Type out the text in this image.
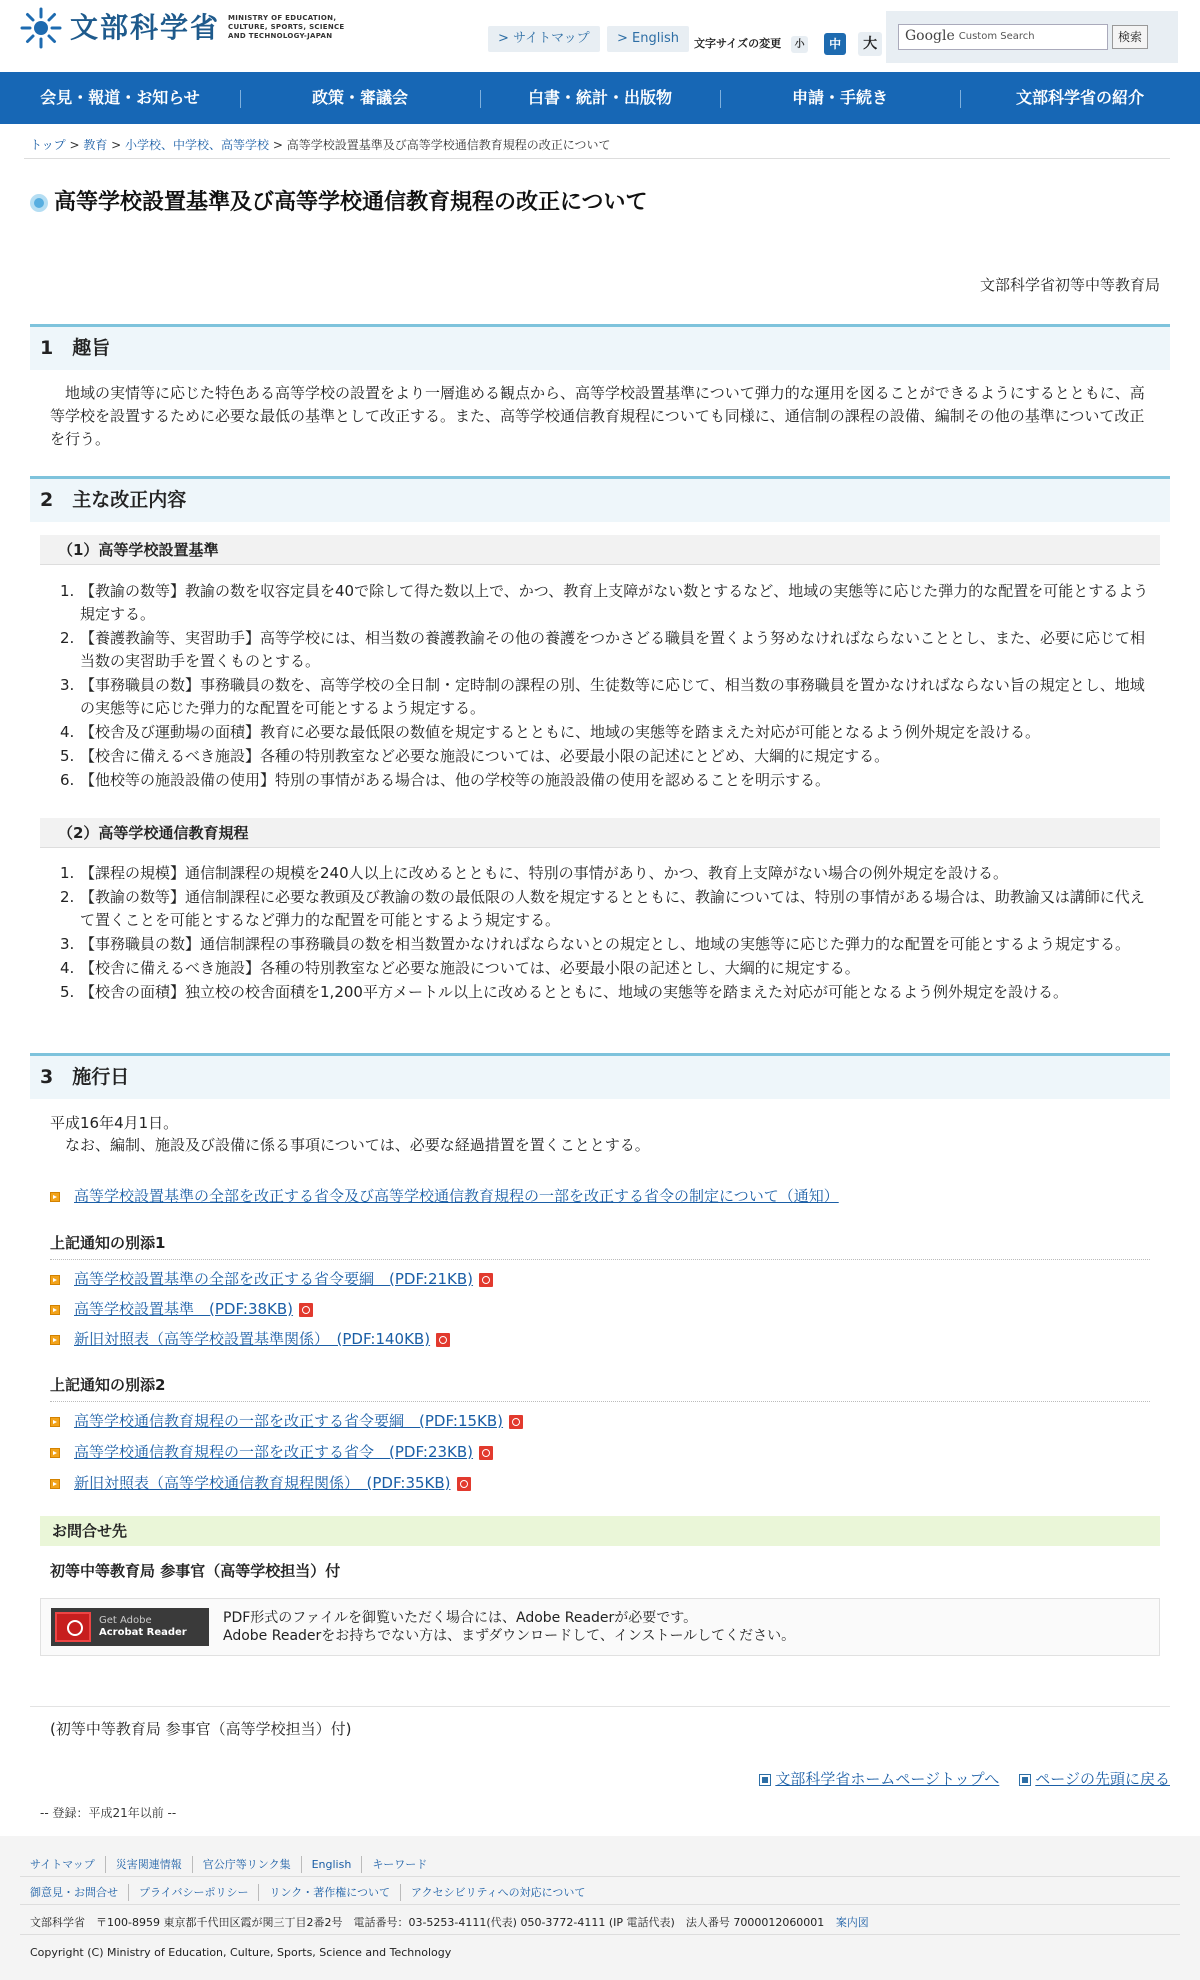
文部科学省 MINISTRY OF EDUCATION, CULTURE, SPORTS, SCIENCE AND TECHNOLOGY-JAPAN	> サイトマップ	> English	文字サイズの変更	小	中	大	Google Custom Search	検索
会見・報道・お知らせ	政策・審議会	白書・統計・出版物	申請・手続き	文部科学省の紹介
トップ > 教育 > 小学校、中学校、高等学校 > 高等学校設置基準及び高等学校通信教育規程の改正について
高等学校設置基準及び高等学校通信教育規程の改正について
文部科学省初等中等教育局
1　趣旨

　地域の実情等に応じた特色ある高等学校の設置をより一層進める観点から、高等学校設置基準について弾力的な運用を図ることができるようにするとともに、高等学校を設置するために必要な最低の基準として改正する。また、高等学校通信教育規程についても同様に、通信制の課程の設備、編制その他の基準について改正を行う。

2　主な改正内容
（1）高等学校設置基準
1. 【教諭の数等】教諭の数を収容定員を40で除して得た数以上で、かつ、教育上支障がない数とするなど、地域の実態等に応じた弾力的な配置を可能とするよう規定する。
2. 【養護教諭等、実習助手】高等学校には、相当数の養護教諭その他の養護をつかさどる職員を置くよう努めなければならないこととし、また、必要に応じて相当数の実習助手を置くものとする。
3. 【事務職員の数】事務職員の数を、高等学校の全日制・定時制の課程の別、生徒数等に応じて、相当数の事務職員を置かなければならない旨の規定とし、地域の実態等に応じた弾力的な配置を可能とするよう規定する。
4. 【校舎及び運動場の面積】教育に必要な最低限の数値を規定するとともに、地域の実態等を踏まえた対応が可能となるよう例外規定を設ける。
5. 【校舎に備えるべき施設】各種の特別教室など必要な施設については、必要最小限の記述にとどめ、大綱的に規定する。
6. 【他校等の施設設備の使用】特別の事情がある場合は、他の学校等の施設設備の使用を認めることを明示する。
（2）高等学校通信教育規程
1. 【課程の規模】通信制課程の規模を240人以上に改めるとともに、特別の事情があり、かつ、教育上支障がない場合の例外規定を設ける。
2. 【教諭の数等】通信制課程に必要な教頭及び教諭の数の最低限の人数を規定するとともに、教諭については、特別の事情がある場合は、助教諭又は講師に代えて置くことを可能とするなど弾力的な配置を可能とするよう規定する。
3. 【事務職員の数】通信制課程の事務職員の数を相当数置かなければならないとの規定とし、地域の実態等に応じた弾力的な配置を可能とするよう規定する。
4. 【校舎に備えるべき施設】各種の特別教室など必要な施設については、必要最小限の記述とし、大綱的に規定する。
5. 【校舎の面積】独立校の校舎面積を1,200平方メートル以上に改めるとともに、地域の実態等を踏まえた対応が可能となるよう例外規定を設ける。
3　施行日

平成16年4月1日。

　なお、編制、施設及び設備に係る事項については、必要な経過措置を置くこととする。

高等学校設置基準の全部を改正する省令及び高等学校通信教育規程の一部を改正する省令の制定について（通知）
上記通知の別添1
高等学校設置基準の全部を改正する省令要綱　(PDF:21KB)
高等学校設置基準　(PDF:38KB)
新旧対照表（高等学校設置基準関係）　(PDF:140KB)
上記通知の別添2
高等学校通信教育規程の一部を改正する省令要綱　(PDF:15KB)
高等学校通信教育規程の一部を改正する省令　(PDF:23KB)
新旧対照表（高等学校通信教育規程関係）　(PDF:35KB)
お問合せ先
初等中等教育局 参事官（高等学校担当）付
Get Adobe
Acrobat Reader
PDF形式のファイルを御覧いただく場合には、Adobe Readerが必要です。
Adobe Readerをお持ちでない方は、まずダウンロードして、インストールしてください。
(初等中等教育局 参事官（高等学校担当）付)
文部科学省ホームページトップへ ページの先頭に戻る
-- 登録：平成21年以前 --
サイトマップ	災害関連情報	官公庁等リンク集	English	キーワード
御意見・お問合せ	プライバシーポリシー	リンク・著作権について	アクセシビリティへの対応について
文部科学省　〒100-8959 東京都千代田区霞が関三丁目2番2号　電話番号：03-5253-4111(代表) 050-3772-4111 (IP 電話代表)　法人番号 7000012060001 案内図
Copyright (C) Ministry of Education, Culture, Sports, Science and Technology
